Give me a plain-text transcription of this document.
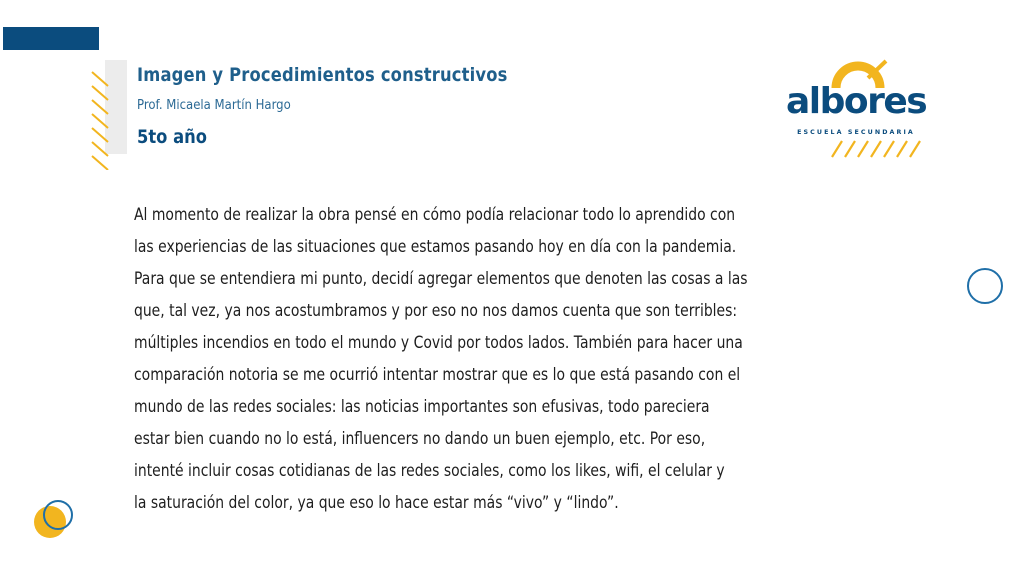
Imagen y Procedimientos constructivos
Prof. Micaela Martín Hargo
5to año
albores
ESCUELA SECUNDARIA

Al momento de realizar la obra pensé en cómo podía relacionar todo lo aprendido con
las experiencias de las situaciones que estamos pasando hoy en día con la pandemia.
Para que se entendiera mi punto, decidí agregar elementos que denoten las cosas a las
que, tal vez, ya nos acostumbramos y por eso no nos damos cuenta que son terribles:
múltiples incendios en todo el mundo y Covid por todos lados. También para hacer una
comparación notoria se me ocurrió intentar mostrar que es lo que está pasando con el
mundo de las redes sociales: las noticias importantes son efusivas, todo pareciera
estar bien cuando no lo está, influencers no dando un buen ejemplo, etc. Por eso,
intenté incluir cosas cotidianas de las redes sociales, como los likes, wifi, el celular y
la saturación del color, ya que eso lo hace estar más “vivo” y “lindo”.
